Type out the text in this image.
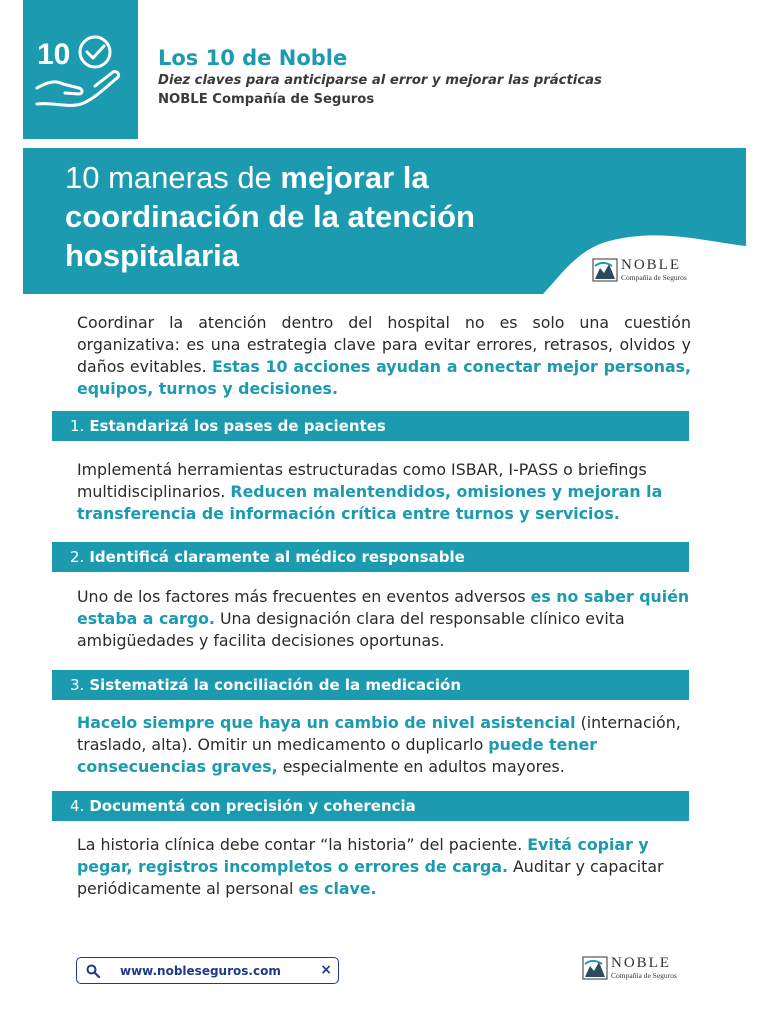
10	Los 10 de Noble
Diez claves para anticiparse al error y mejorar las prácticas
NOBLE Compañía de Seguros
10 maneras de mejorar la coordinación de la atención hospitalaria	NOBLE
Compañía de Seguros
Coordinar la atención dentro del hospital no es solo una cuestión organizativa: es una estrategia clave para evitar errores, retrasos, olvidos y daños evitables. Estas 10 acciones ayudan a conectar mejor personas, equipos, turnos y decisiones.
1. Estandarizá los pases de pacientes
Implementá herramientas estructuradas como ISBAR, I-PASS o briefings multidisciplinarios. Reducen malentendidos, omisiones y mejoran la transferencia de información crítica entre turnos y servicios.
2. Identificá claramente al médico responsable
Uno de los factores más frecuentes en eventos adversos es no saber quién estaba a cargo. Una designación clara del responsable clínico evita ambigüedades y facilita decisiones oportunas.
3. Sistematizá la conciliación de la medicación
Hacelo siempre que haya un cambio de nivel asistencial (internación, traslado, alta). Omitir un medicamento o duplicarlo puede tener consecuencias graves, especialmente en adultos mayores.
4. Documentá con precisión y coherencia
La historia clínica debe contar “la historia” del paciente. Evitá copiar y pegar, registros incompletos o errores de carga. Auditar y capacitar periódicamente al personal es clave.
www.nobleseguros.com	×	NOBLE
Compañía de Seguros
